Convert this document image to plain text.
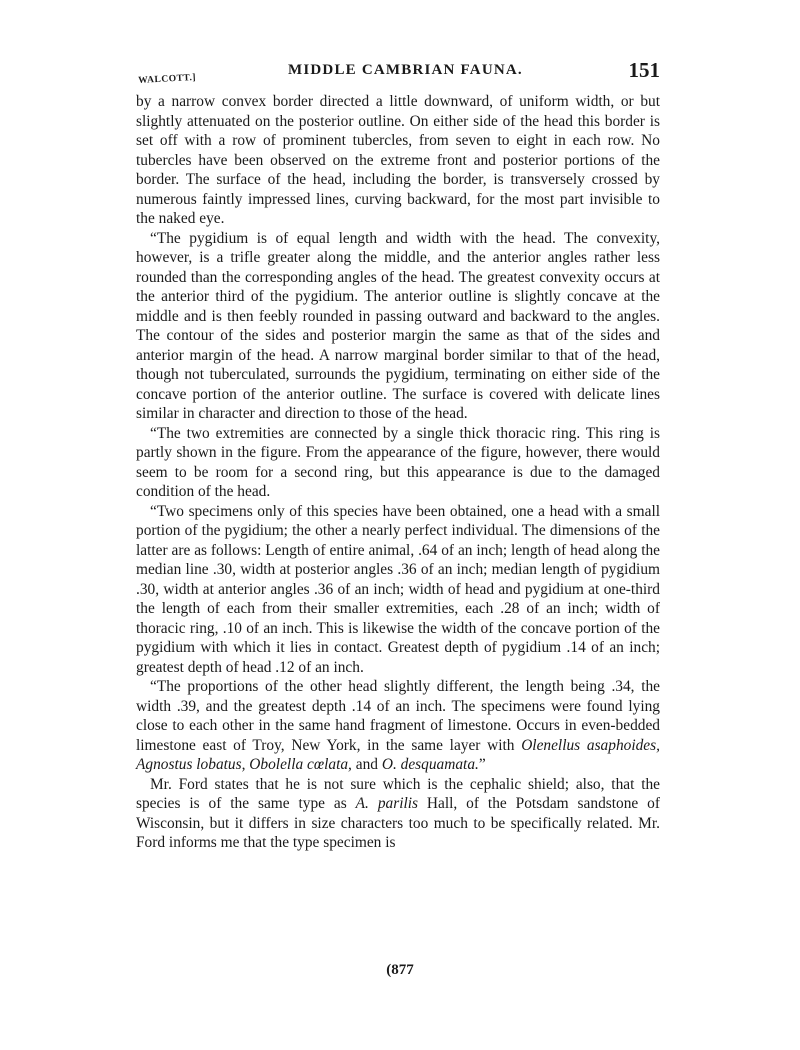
WALCOTT.]
MIDDLE CAMBRIAN FAUNA.	151

by a narrow convex border directed a little downward, of uniform width, or but slightly attenuated on the posterior outline. On either side of the head this border is set off with a row of prominent tubercles, from seven to eight in each row. No tubercles have been observed on the extreme front and posterior portions of the border. The surface of the head, including the border, is transversely crossed by numerous faintly impressed lines, curving backward, for the most part invisible to the naked eye.

“The pygidium is of equal length and width with the head. The convexity, however, is a trifle greater along the middle, and the anterior angles rather less rounded than the corresponding angles of the head. The greatest convexity occurs at the anterior third of the pygidium. The anterior outline is slightly concave at the middle and is then feebly rounded in passing outward and backward to the angles. The contour of the sides and posterior margin the same as that of the sides and anterior margin of the head. A narrow marginal border similar to that of the head, though not tuberculated, surrounds the pygidium, terminating on either side of the concave portion of the anterior outline. The surface is covered with delicate lines similar in character and direction to those of the head.

“The two extremities are connected by a single thick thoracic ring. This ring is partly shown in the figure. From the appearance of the figure, however, there would seem to be room for a second ring, but this appearance is due to the damaged condition of the head.

“Two specimens only of this species have been obtained, one a head with a small portion of the pygidium; the other a nearly perfect individual. The dimensions of the latter are as follows: Length of entire animal, .64 of an inch; length of head along the median line .30, width at posterior angles .36 of an inch; median length of pygidium .30, width at anterior angles .36 of an inch; width of head and pygidium at one-third the length of each from their smaller extremities, each .28 of an inch; width of thoracic ring, .10 of an inch. This is likewise the width of the concave portion of the pygidium with which it lies in contact. Greatest depth of pygidium .14 of an inch; greatest depth of head .12 of an inch.

“The proportions of the other head slightly different, the length being .34, the width .39, and the greatest depth .14 of an inch. The specimens were found lying close to each other in the same hand fragment of limestone. Occurs in even-bedded limestone east of Troy, New York, in the same layer with Olenellus asaphoides, Agnostus lobatus, Obolella cœlata, and O. desquamata.”

Mr. Ford states that he is not sure which is the cephalic shield; also, that the species is of the same type as A. parilis Hall, of the Potsdam sandstone of Wisconsin, but it differs in size characters too much to be specifically related. Mr. Ford informs me that the type specimen is

(877
